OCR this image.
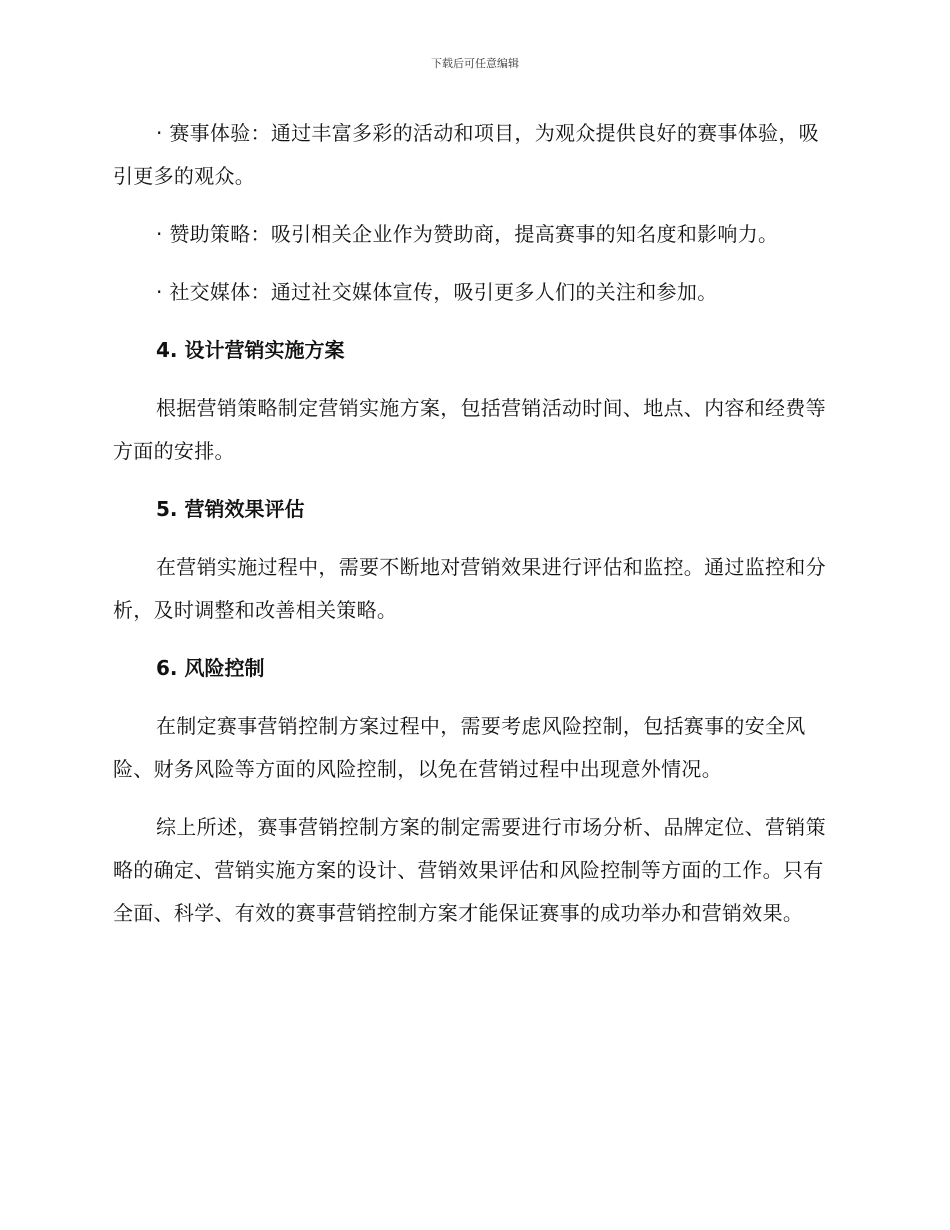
下载后可任意编辑

· 赛事体验：通过丰富多彩的活动和项目，为观众提供良好的赛事体验，吸引更多的观众。

· 赞助策略：吸引相关企业作为赞助商，提高赛事的知名度和影响力。

· 社交媒体：通过社交媒体宣传，吸引更多人们的关注和参加。

4. 设计营销实施方案

根据营销策略制定营销实施方案，包括营销活动时间、地点、内容和经费等方面的安排。

5. 营销效果评估

在营销实施过程中，需要不断地对营销效果进行评估和监控。通过监控和分析，及时调整和改善相关策略。

6. 风险控制

在制定赛事营销控制方案过程中，需要考虑风险控制，包括赛事的安全风险、财务风险等方面的风险控制，以免在营销过程中出现意外情况。

综上所述，赛事营销控制方案的制定需要进行市场分析、品牌定位、营销策略的确定、营销实施方案的设计、营销效果评估和风险控制等方面的工作。只有全面、科学、有效的赛事营销控制方案才能保证赛事的成功举办和营销效果。
